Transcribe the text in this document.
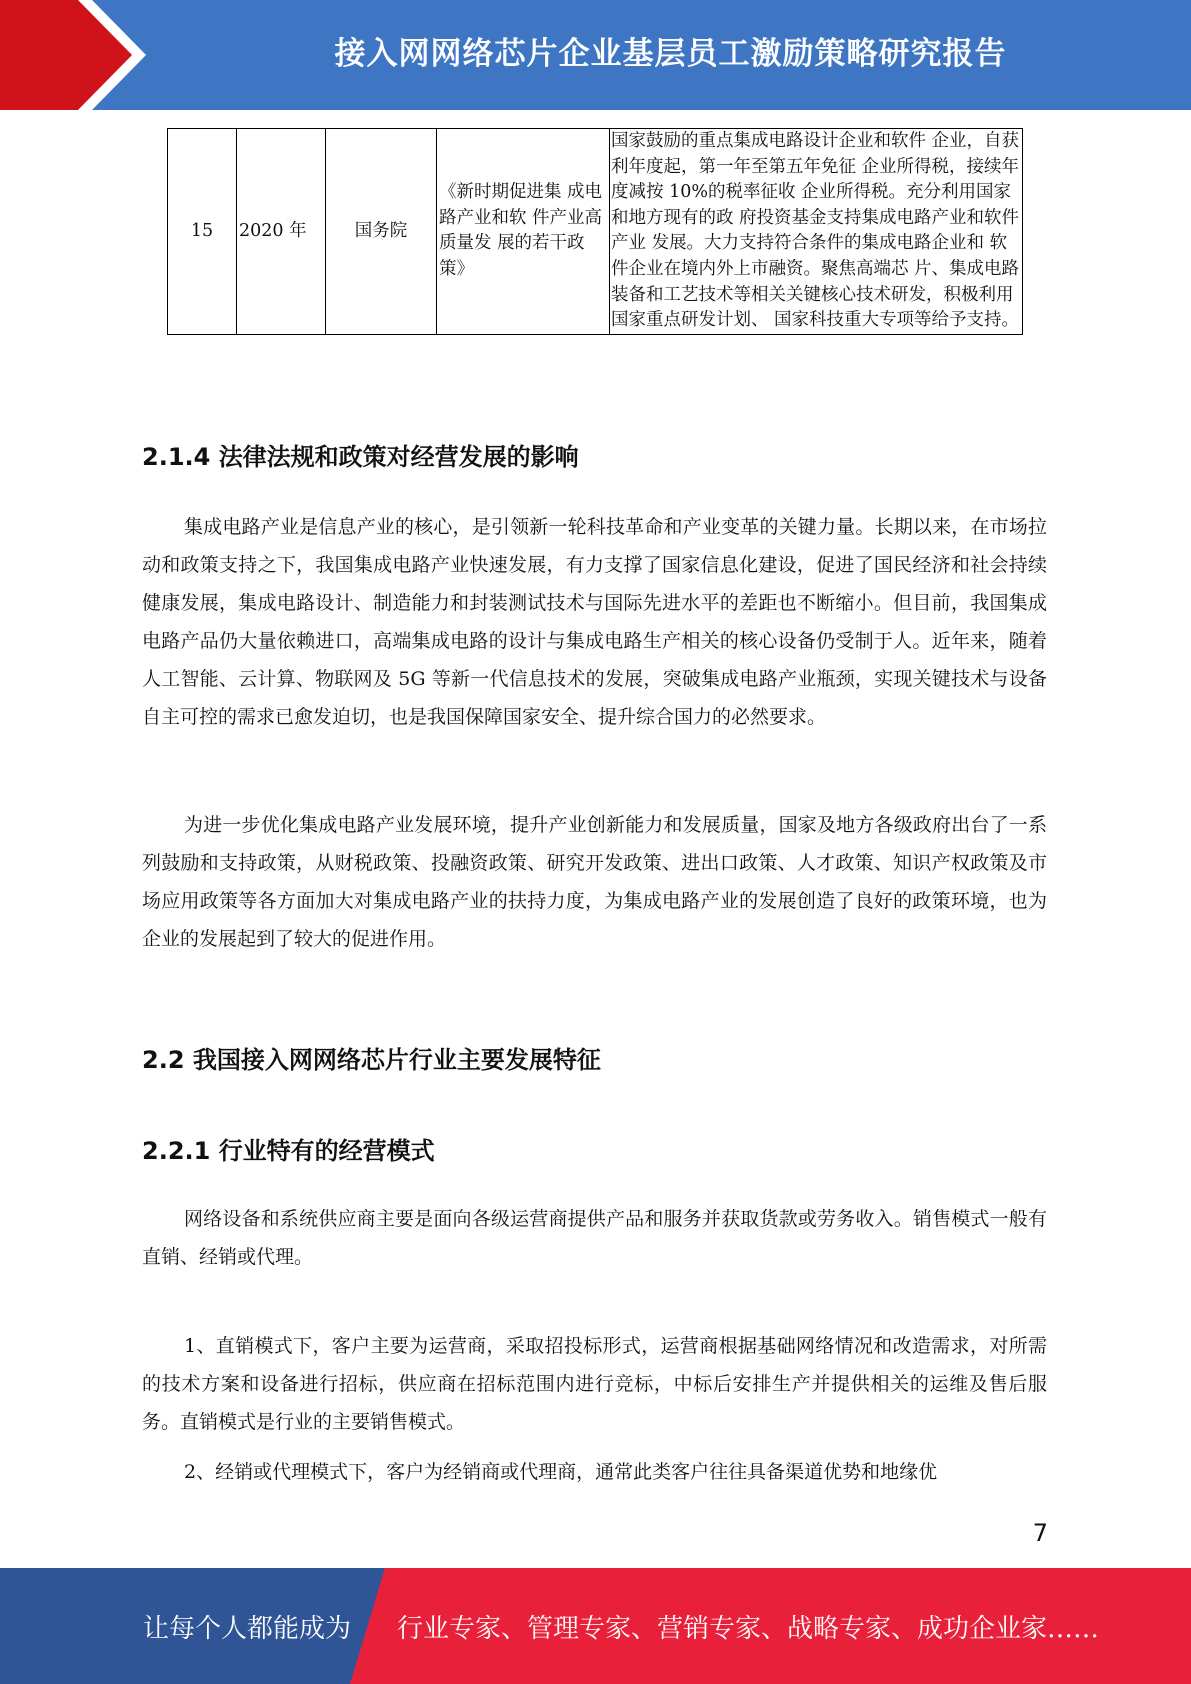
接入网网络芯片企业基层员工激励策略研究报告
15	2020 年	国务院	《新时期促进集 成电路产业和软 件产业高质量发 展的若干政策》	国家鼓励的重点集成电路设计企业和软件 企业，自获利年度起，第一年至第五年免征 企业所得税，接续年度减按 10%的税率征收 企业所得税。充分利用国家和地方现有的政 府投资基金支持集成电路产业和软件产业 发展。大力支持符合条件的集成电路企业和 软件企业在境内外上市融资。聚焦高端芯 片、集成电路装备和工艺技术等相关关键核心技术研发，积极利用国家重点研发计划、 国家科技重大专项等给予支持。
2.1.4 法律法规和政策对经营发展的影响

集成电路产业是信息产业的核心，是引领新一轮科技革命和产业变革的关键力量。长期以来，在市场拉动和政策支持之下，我国集成电路产业快速发展，有力支撑了国家信息化建设，促进了国民经济和社会持续健康发展，集成电路设计、制造能力和封装测试技术与国际先进水平的差距也不断缩小。但目前，我国集成电路产品仍大量依赖进口，高端集成电路的设计与集成电路生产相关的核心设备仍受制于人。近年来，随着人工智能、云计算、物联网及 5G 等新一代信息技术的发展，突破集成电路产业瓶颈，实现关键技术与设备自主可控的需求已愈发迫切，也是我国保障国家安全、提升综合国力的必然要求。

为进一步优化集成电路产业发展环境，提升产业创新能力和发展质量，国家及地方各级政府出台了一系列鼓励和支持政策，从财税政策、投融资政策、研究开发政策、进出口政策、人才政策、知识产权政策及市场应用政策等各方面加大对集成电路产业的扶持力度，为集成电路产业的发展创造了良好的政策环境，也为企业的发展起到了较大的促进作用。

2.2 我国接入网网络芯片行业主要发展特征
2.2.1 行业特有的经营模式

网络设备和系统供应商主要是面向各级运营商提供产品和服务并获取货款或劳务收入。销售模式一般有直销、经销或代理。

1、直销模式下，客户主要为运营商，采取招投标形式，运营商根据基础网络情况和改造需求，对所需的技术方案和设备进行招标，供应商在招标范围内进行竞标，中标后安排生产并提供相关的运维及售后服务。直销模式是行业的主要销售模式。

2、经销或代理模式下，客户为经销商或代理商，通常此类客户往往具备渠道优势和地缘优

7
让每个人都能成为 行业专家、管理专家、营销专家、战略专家、成功企业家……
